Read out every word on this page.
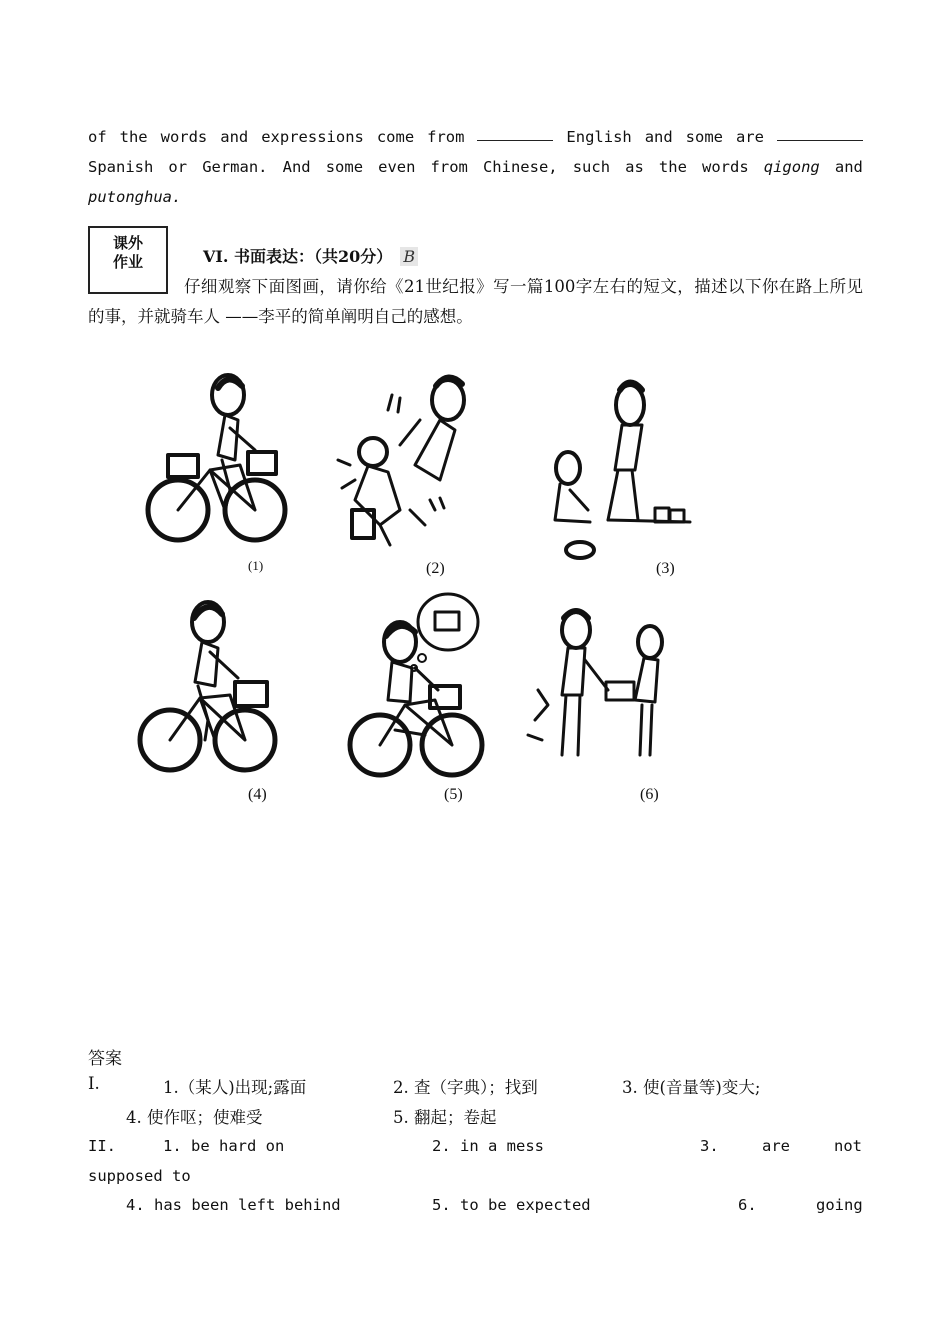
of the words and expressions come from	English and some are
Spanish or German. And some even from Chinese, such as the words qigong and
putonghua.
课外
作业	VI. 书面表达：（共20分） B
仔细观察下面图画，请你给《21世纪报》写一篇100字左右的短文，描述以下你在路上所见的事，并就骑车人 ——李平的简单阐明自己的感想。
(1)	(2)	(3)
(4)	(5)	(6)
答案
I.	1.（某人)出现;露面	2. 查（字典）；找到	3. 使(音量等)变大;
4. 使作呕；使难受	5. 翻起；卷起
II.	1. be hard on	2. in a mess	3.	are	not
supposed to
4. has been left behind	5. to be expected	6.	going
